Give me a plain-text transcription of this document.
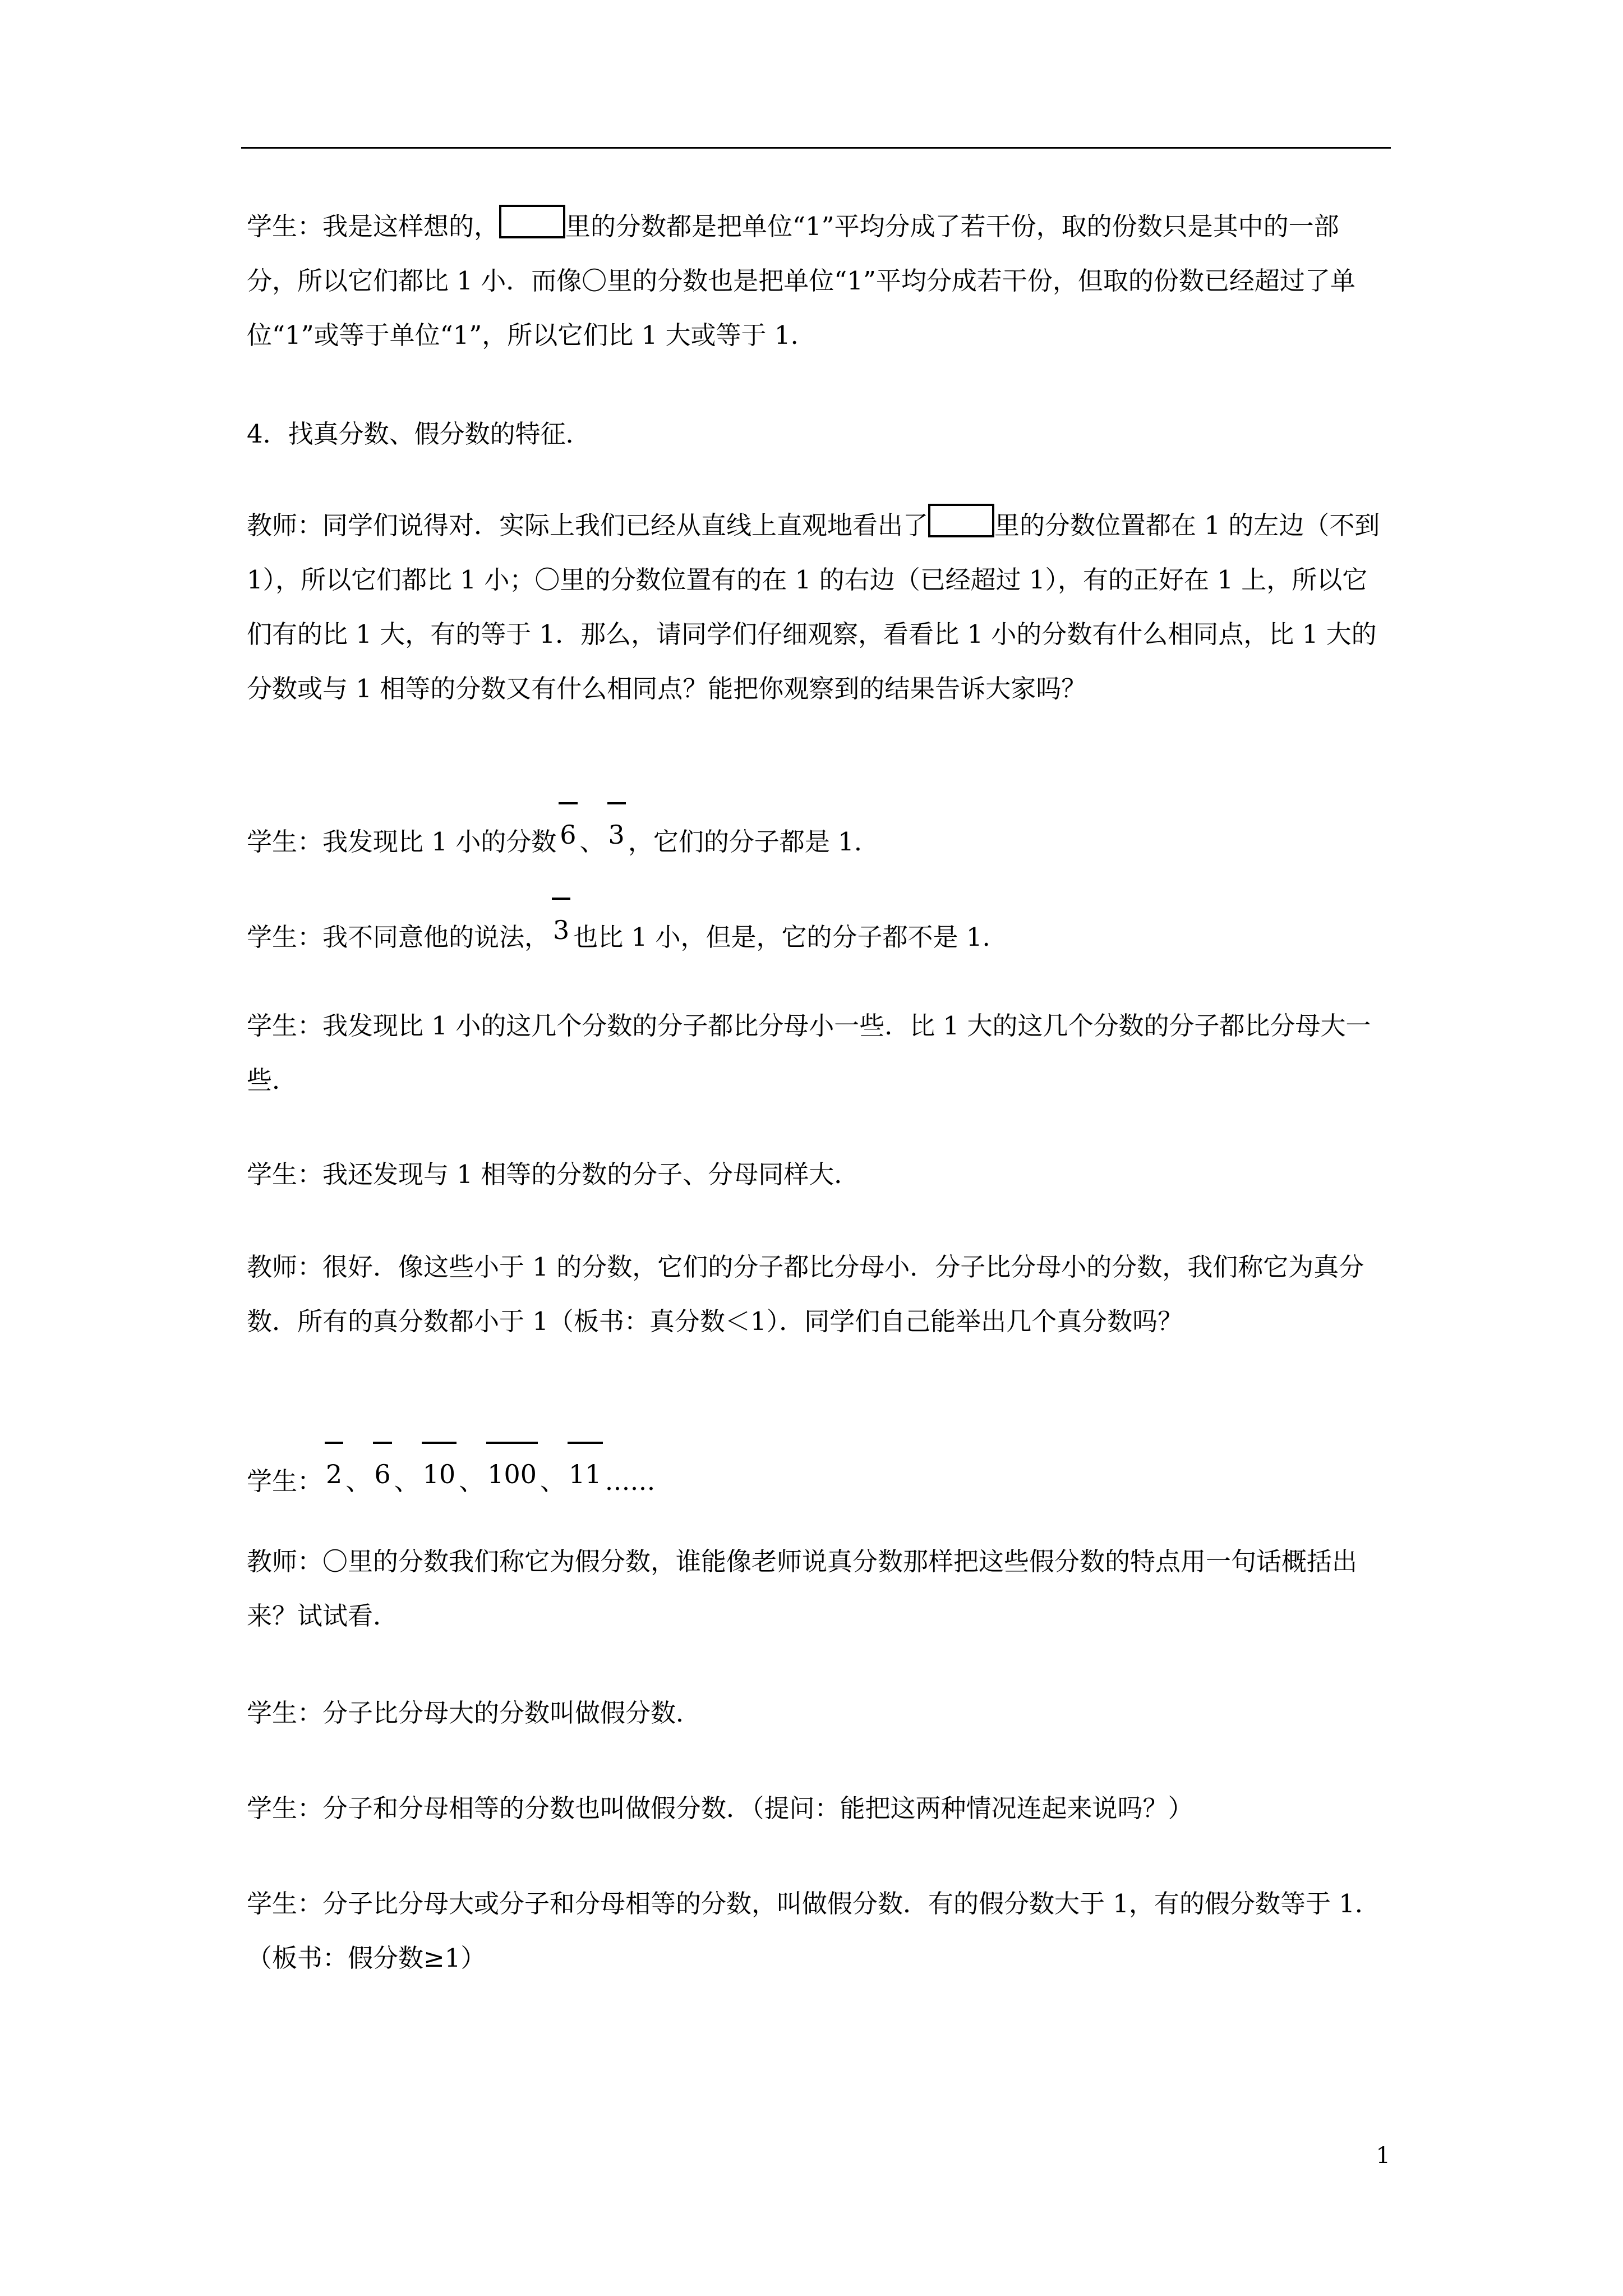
学生：我是这样想的，	里的分数都是把单位“1”平均分成了若干份，取的份数只是其中的一部分，所以它们都比 1 小．而像〇里的分数也是把单位“1”平均分成若干份，但取的份数已经超过了单位“1”或等于单位“1”，所以它们比 1 大或等于 1.

4．找真分数、假分数的特征．

教师：同学们说得对．实际上我们已经从直线上直观地看出了	里的分数位置都在 1 的左边（不到 1），所以它们都比 1 小；〇里的分数位置有的在 1 的右边（已经超过 1），有的正好在 1 上，所以它们有的比 1 大，有的等于 1．那么，请同学们仔细观察，看看比 1 小的分数有什么相同点，比 1 大的分数或与 1 相等的分数又有什么相同点？能把你观察到的结果告诉大家吗？

学生：我发现比 1 小的分数 6 、 3 ，它们的分子都是 1.

学生：我不同意他的说法， 3 也比 1 小，但是，它的分子都不是 1.

学生：我发现比 1 小的这几个分数的分子都比分母小一些．比 1 大的这几个分数的分子都比分母大一些．

学生：我还发现与 1 相等的分数的分子、分母同样大．

教师：很好．像这些小于 1 的分数，它们的分子都比分母小．分子比分母小的分数，我们称它为真分数．所有的真分数都小于 1（板书：真分数＜1）．同学们自己能举出几个真分数吗？

学生： 2 、 6 、 10 、 100 、 11 ……

教师：〇里的分数我们称它为假分数，谁能像老师说真分数那样把这些假分数的特点用一句话概括出来？试试看．

学生：分子比分母大的分数叫做假分数．

学生：分子和分母相等的分数也叫做假分数．（提问：能把这两种情况连起来说吗？）

学生：分子比分母大或分子和分母相等的分数，叫做假分数．有的假分数大于 1，有的假分数等于 1．（板书：假分数≥1）

1
